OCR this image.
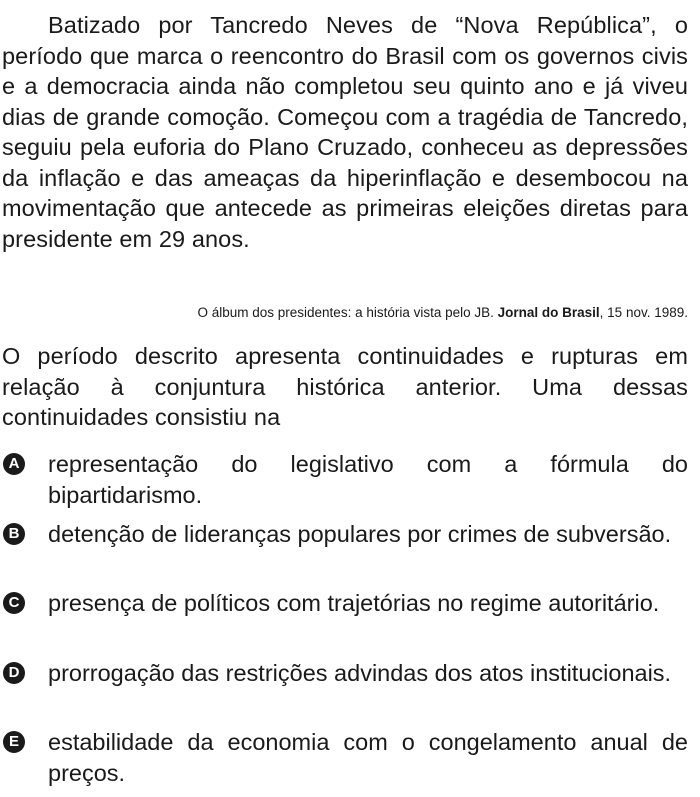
Batizado por Tancredo Neves de “Nova República”, o período que marca o reencontro do Brasil com os governos civis e a democracia ainda não completou seu quinto ano e já viveu dias de grande comoção. Começou com a tragédia de Tancredo, seguiu pela euforia do Plano Cruzado, conheceu as depressões da inflação e das ameaças da hiperinflação e desembocou na movimentação que antecede as primeiras eleições diretas para presidente em 29 anos.

O álbum dos presidentes: a história vista pelo JB. Jornal do Brasil, 15 nov. 1989.

O período descrito apresenta continuidades e rupturas em relação à conjuntura histórica anterior. Uma dessas continuidades consistiu na

A representação do legislativo com a fórmula do bipartidarismo.
B detenção de lideranças populares por crimes de subversão.
C presença de políticos com trajetórias no regime autoritário.
D prorrogação das restrições advindas dos atos institucionais.
E estabilidade da economia com o congelamento anual de preços.
